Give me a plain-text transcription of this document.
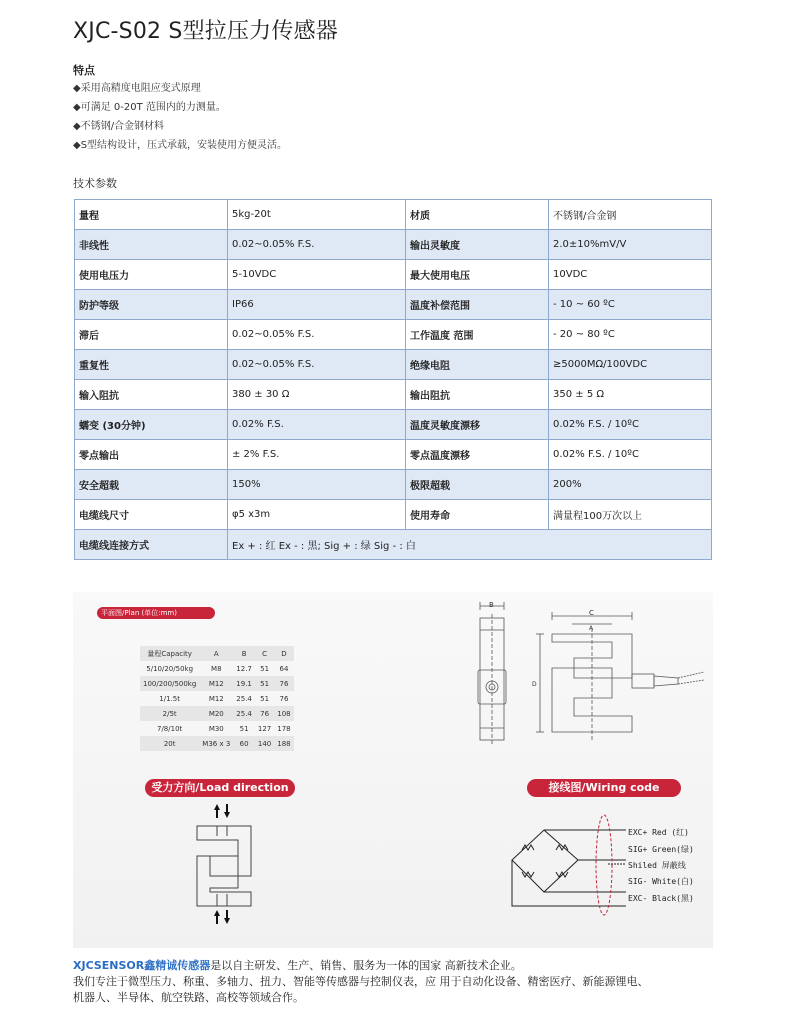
XJC-S02 S型拉压力传感器
特点
◆采用高精度电阻应变式原理
◆可满足 0-20T 范围内的力测量。
◆不锈钢/合金钢材料
◆S型结构设计，压式承载，安装使用方便灵活。
技术参数
量程	5kg-20t	材质	不锈钢/合金钢
非线性	0.02~0.05% F.S.	输出灵敏度	2.0±10%mV/V
使用电压力	5-10VDC	最大使用电压	10VDC
防护等级	IP66	温度补偿范围	- 10 ~ 60 ºC
滞后	0.02~0.05% F.S.	工作温度 范围	- 20 ~ 80 ºC
重复性	0.02~0.05% F.S.	绝缘电阻	≥5000MΩ/100VDC
输入阻抗	380 ± 30 Ω	输出阻抗	350 ± 5 Ω
蠕变 (30分钟)	0.02% F.S.	温度灵敏度漂移	0.02% F.S. / 10ºC
零点输出	± 2% F.S.	零点温度漂移	0.02% F.S. / 10ºC
安全超载	150%	极限超载	200%
电缆线尺寸	φ5 x3m	使用寿命	满量程100万次以上
电缆线连接方式	Ex + : 红 Ex - : 黑; Sig + : 绿 Sig - : 白		
平面图/Plan (单位:mm)
量程Capacity	A	B	C	D
5/10/20/50kg	M8	12.7	51	64
100/200/500kg	M12	19.1	51	76
1/1.5t	M12	25.4	51	76
2/5t	M20	25.4	76	108
7/8/10t	M30	51	127	178
20t	M36 x 3	60	140	188
B
C
A
D
受力方向/Load direction	接线图/Wiring code
EXC+ Red (红)
SIG+ Green(绿)
Shiled 屏蔽线
SIG- White(白)
EXC- Black(黑)
XJCSENSOR鑫精诚传感器是以自主研发、生产、销售、服务为一体的国家 高新技术企业。
我们专注于微型压力、称重、多轴力、扭力、智能等传感器与控制仪表，应 用于自动化设备、精密医疗、新能源锂电、
机器人、半导体、航空铁路、高校等领域合作。
